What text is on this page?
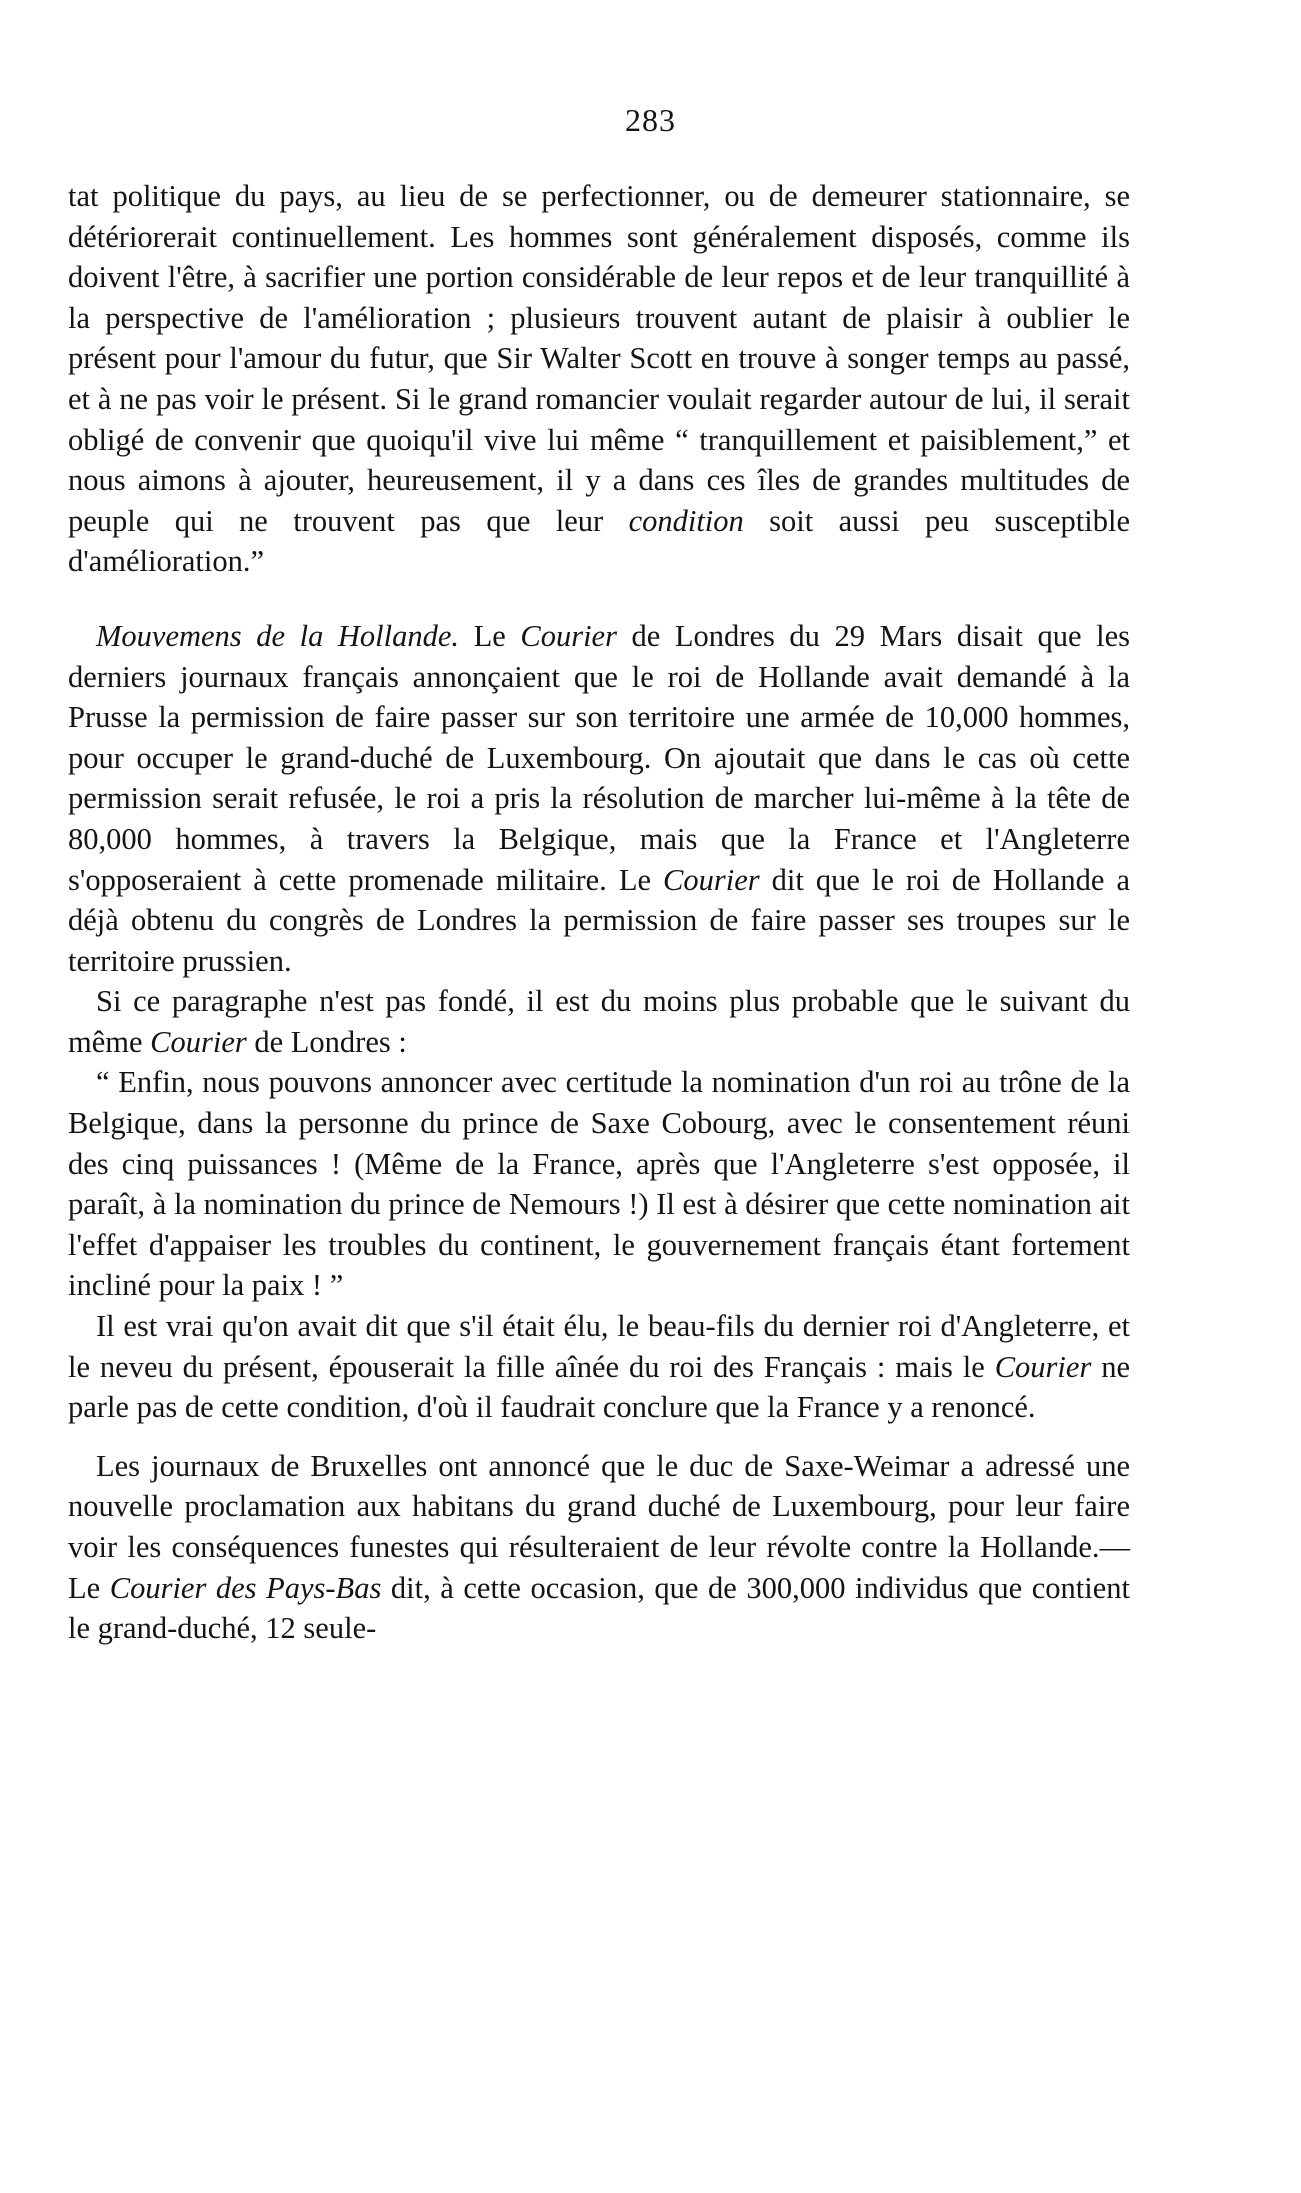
283

tat politique du pays, au lieu de se perfectionner, ou de demeurer stationnaire, se détériorerait continuellement. Les hommes sont généralement disposés, comme ils doivent l'être, à sacrifier une portion considérable de leur repos et de leur tranquillité à la perspective de l'amélioration ; plusieurs trouvent autant de plaisir à oublier le présent pour l'amour du futur, que Sir Walter Scott en trouve à songer temps au passé, et à ne pas voir le présent. Si le grand romancier voulait regarder autour de lui, il serait obligé de convenir que quoiqu'il vive lui même “ tranquillement et paisiblement,” et nous aimons à ajouter, heureusement, il y a dans ces îles de grandes multitudes de peuple qui ne trouvent pas que leur condition soit aussi peu susceptible d'amélioration.”

Mouvemens de la Hollande. Le Courier de Londres du 29 Mars disait que les derniers journaux français annonçaient que le roi de Hollande avait demandé à la Prusse la permission de faire passer sur son territoire une armée de 10,000 hommes, pour occuper le grand-duché de Luxembourg. On ajoutait que dans le cas où cette permission serait refusée, le roi a pris la résolution de marcher lui-même à la tête de 80,000 hommes, à travers la Belgique, mais que la France et l'Angleterre s'opposeraient à cette promenade militaire. Le Courier dit que le roi de Hollande a déjà obtenu du congrès de Londres la permission de faire passer ses troupes sur le territoire prussien.

Si ce paragraphe n'est pas fondé, il est du moins plus probable que le suivant du même Courier de Londres :

“ Enfin, nous pouvons annoncer avec certitude la nomination d'un roi au trône de la Belgique, dans la personne du prince de Saxe Cobourg, avec le consentement réuni des cinq puissances ! (Même de la France, après que l'Angleterre s'est opposée, il paraît, à la nomination du prince de Nemours !) Il est à désirer que cette nomination ait l'effet d'appaiser les troubles du continent, le gouvernement français étant fortement incliné pour la paix ! ”

Il est vrai qu'on avait dit que s'il était élu, le beau-fils du dernier roi d'Angleterre, et le neveu du présent, épouserait la fille aînée du roi des Français : mais le Courier ne parle pas de cette condition, d'où il faudrait conclure que la France y a renoncé.

Les journaux de Bruxelles ont annoncé que le duc de Saxe-Weimar a adressé une nouvelle proclamation aux habitans du grand duché de Luxembourg, pour leur faire voir les conséquences funestes qui résulteraient de leur révolte contre la Hollande.—Le Courier des Pays-Bas dit, à cette occasion, que de 300,000 individus que contient le grand-duché, 12 seule-
